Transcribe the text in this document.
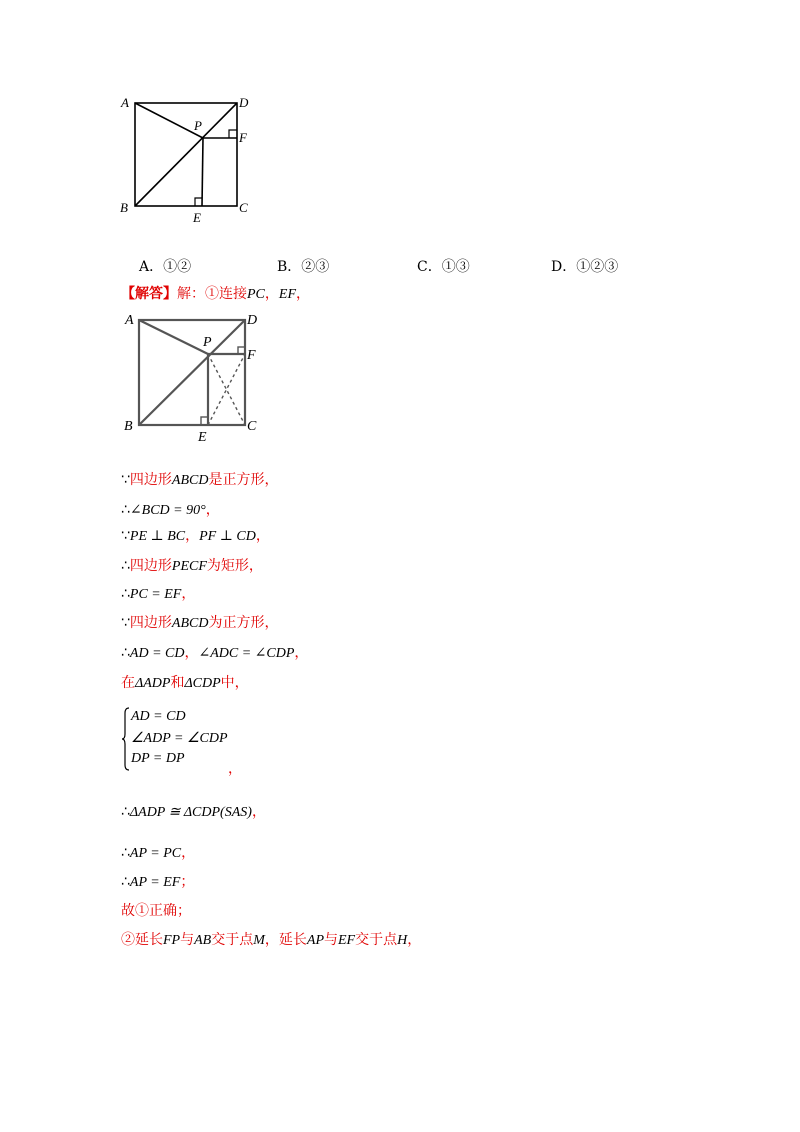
A	D
P
F
B
E
C
A．①②	B．②③	C．①③	D．①②③
【解答】解：①连接PC，EF，
A	D
P
F
B
E
C
∵四边形ABCD是正方形，
∴∠BCD = 90°，
∵PE ⊥ BC，PF ⊥ CD，
∴四边形PECF为矩形，
∴PC = EF，
∵四边形ABCD为正方形，
∴AD = CD，∠ADC = ∠CDP，
在ΔADP和ΔCDP中，
AD = CD
∠ADP = ∠CDP
DP = DP
，
∴ΔADP ≅ ΔCDP(SAS)，
∴AP = PC，
∴AP = EF；
故①正确；
②延长FP与AB交于点M，延长AP与EF交于点H，
